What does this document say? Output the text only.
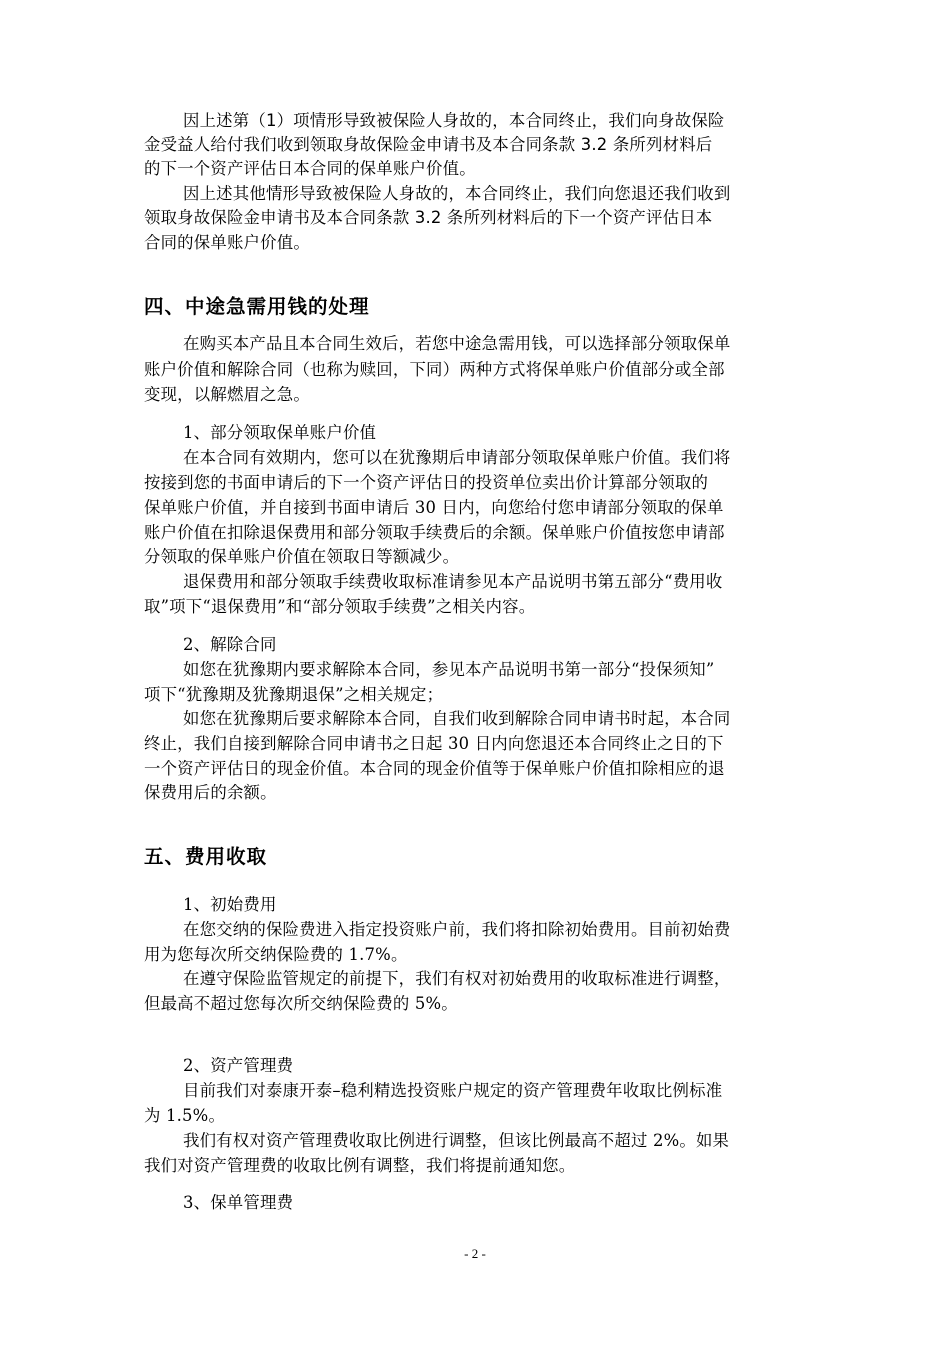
因上述第（1）项情形导致被保险人身故的，本合同终止，我们向身故保险
金受益人给付我们收到领取身故保险金申请书及本合同条款 3.2 条所列材料后
的下一个资产评估日本合同的保单账户价值。
因上述其他情形导致被保险人身故的，本合同终止，我们向您退还我们收到
领取身故保险金申请书及本合同条款 3.2 条所列材料后的下一个资产评估日本
合同的保单账户价值。
四、中途急需用钱的处理
在购买本产品且本合同生效后，若您中途急需用钱，可以选择部分领取保单
账户价值和解除合同（也称为赎回，下同）两种方式将保单账户价值部分或全部
变现，以解燃眉之急。
1、部分领取保单账户价值
在本合同有效期内，您可以在犹豫期后申请部分领取保单账户价值。我们将
按接到您的书面申请后的下一个资产评估日的投资单位卖出价计算部分领取的
保单账户价值，并自接到书面申请后 30 日内，向您给付您申请部分领取的保单
账户价值在扣除退保费用和部分领取手续费后的余额。保单账户价值按您申请部
分领取的保单账户价值在领取日等额减少。
退保费用和部分领取手续费收取标准请参见本产品说明书第五部分“费用收
取”项下“退保费用”和“部分领取手续费”之相关内容。
2、解除合同
如您在犹豫期内要求解除本合同，参见本产品说明书第一部分“投保须知”
项下“犹豫期及犹豫期退保”之相关规定；
如您在犹豫期后要求解除本合同，自我们收到解除合同申请书时起，本合同
终止，我们自接到解除合同申请书之日起 30 日内向您退还本合同终止之日的下
一个资产评估日的现金价值。本合同的现金价值等于保单账户价值扣除相应的退
保费用后的余额。
五、费用收取
1、初始费用
在您交纳的保险费进入指定投资账户前，我们将扣除初始费用。目前初始费
用为您每次所交纳保险费的 1.7%。
在遵守保险监管规定的前提下，我们有权对初始费用的收取标准进行调整，
但最高不超过您每次所交纳保险费的 5%。
2、资产管理费
目前我们对泰康开泰–稳利精选投资账户规定的资产管理费年收取比例标准
为 1.5%。
我们有权对资产管理费收取比例进行调整，但该比例最高不超过 2%。如果
我们对资产管理费的收取比例有调整，我们将提前通知您。
3、保单管理费
- 2 -
